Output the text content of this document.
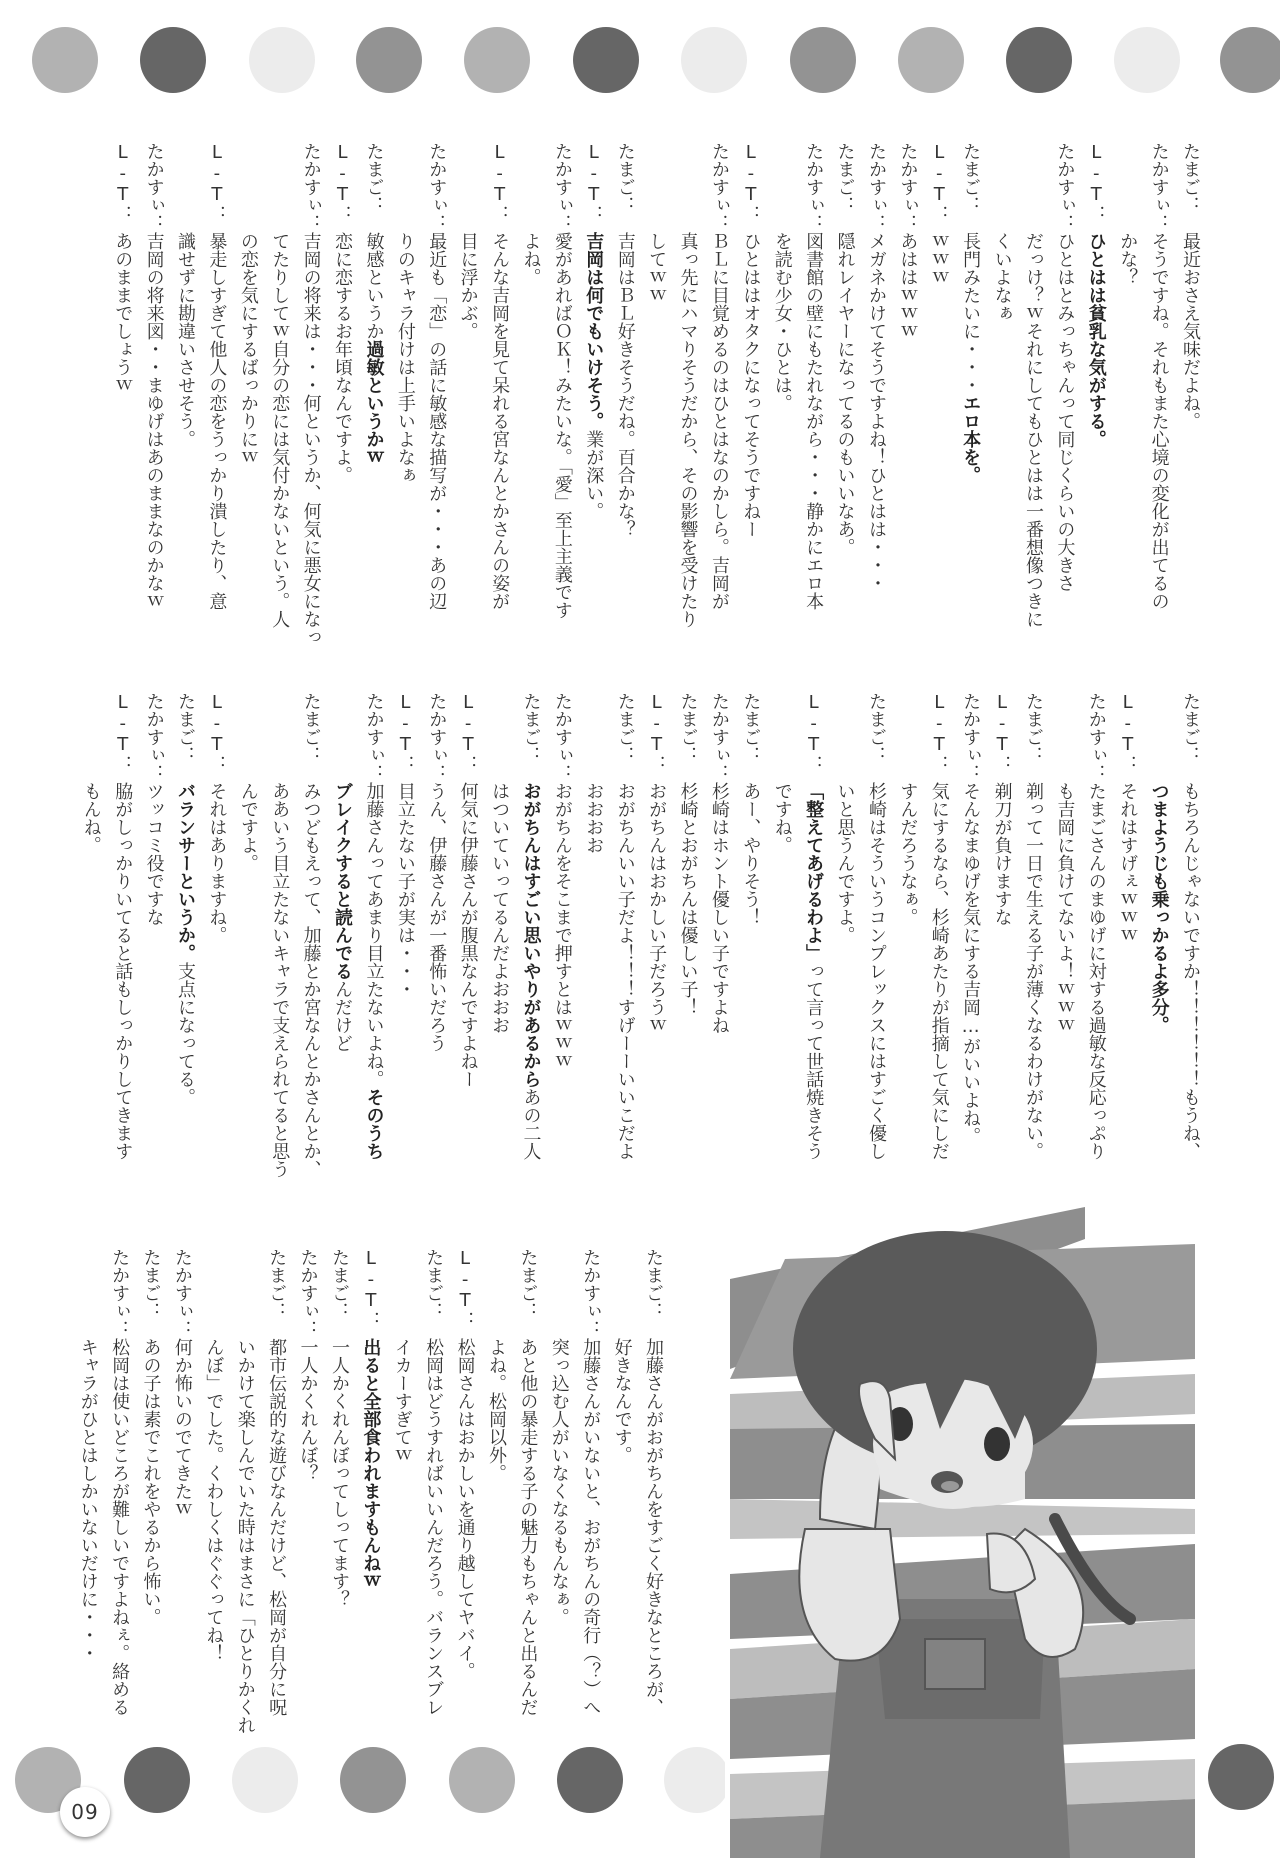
09
たまご：最近おさえ気味だよね。
たかすぃ：そうですね。それもまた心境の変化が出てるの
かな？
L-T：ひとはは貧乳な気がする。
たかすぃ：ひとはとみっちゃんって同じくらいの大きさ
だっけ？ｗそれにしてもひとはは一番想像つきに
くいよなぁ
たまご：長門みたいに・・・エロ本を。
L-T：ｗｗｗ
たかすぃ：あははｗｗｗ
たかすぃ：メガネかけてそうですよね！ひとはは・・・
たまご：隠れレイヤーになってるのもいいなあ。
たかすぃ：図書館の壁にもたれながら・・・静かにエロ本
を読む少女・ひとは。
L-T：ひとははオタクになってそうですねー
たかすぃ：ＢＬに目覚めるのはひとはなのかしら。吉岡が
真っ先にハマりそうだから、その影響を受けたり
してｗｗ
たまご：吉岡はＢＬ好きそうだね。百合かな？
L-T：吉岡は何でもいけそう。業が深い。
たかすぃ：愛があればＯＫ！みたいな。「愛」至上主義です
よね。
L-T：そんな吉岡を見て呆れる宮なんとかさんの姿が
目に浮かぶ。
たかすぃ：最近も「恋」の話に敏感な描写が・・・あの辺
りのキャラ付けは上手いよなぁ
たまご：敏感というか過敏というかｗ
L-T：恋に恋するお年頃なんですよ。
たかすぃ：吉岡の将来は・・・何というか、何気に悪女になっ
てたりしてｗ自分の恋には気付かないという。人
の恋を気にするばっかりにｗ
L-T：暴走しすぎて他人の恋をうっかり潰したり、意
識せずに勘違いさせそう。
たかすぃ：吉岡の将来図・・まゆげはあのままなのかなｗ
L-T：あのままでしょうｗ
たまご：もちろんじゃないですか！！！！！！もうね、
つまようじも乗っかるよ多分。
L-T：それはすげぇｗｗｗ
たかすぃ：たまごさんのまゆげに対する過敏な反応っぷり
も吉岡に負けてないよ！ｗｗｗ
たまご：剃って一日で生える子が薄くなるわけがない。
L-T：剃刀が負けますな
たかすぃ：そんなまゆげを気にする吉岡…がいいよね。
L-T：気にするなら、杉崎あたりが指摘して気にしだ
すんだろうなぁ。
たまご：杉崎はそういうコンプレックスにはすごく優し
いと思うんですよ。
L-T：「整えてあげるわよ」って言って世話焼きそう
ですね。
たまご：あー、やりそう！
たかすぃ：杉崎はホント優しい子ですよね
たまご：杉崎とおがちんは優しい子！
L-T：おがちんはおかしい子だろうｗ
たまご：おがちんいい子だよ！！！すげーーいいこだよ
おおおお
たかすぃ：おがちんをそこまで押すとはｗｗｗ
たまご：おがちんはすごい思いやりがあるからあの二人
はついていってるんだよおおお
L-T：何気に伊藤さんが腹黒なんですよねー
たかすぃ：うん、伊藤さんが一番怖いだろう
L-T：目立たない子が実は・・・
たかすぃ：加藤さんってあまり目立たないよね。そのうち
ブレイクすると読んでるんだけど
たまご：みつどもえって、加藤とか宮なんとかさんとか、
ああいう目立たないキャラで支えられてると思う
んですよ。
L-T：それはありますね。
たまご：バランサーというか。支点になってる。
たかすぃ：ツッコミ役ですな
L-T：脇がしっかりいてると話もしっかりしてきます
もんね。
たまご：加藤さんがおがちんをすごく好きなところが、
好きなんです。
たかすぃ：加藤さんがいないと、おがちんの奇行（？）へ
突っ込む人がいなくなるもんなぁ。
たまご：あと他の暴走する子の魅力もちゃんと出るんだ
よね。松岡以外。
L-T：松岡さんはおかしいを通り越してヤバイ。
たまご：松岡はどうすればいいんだろう。バランスブレ
イカーすぎてｗ
L-T：出ると全部食われますもんねｗ
たまご：一人かくれんぼってしってます？
たかすぃ：一人かくれんぼ？
たまご：都市伝説的な遊びなんだけど、松岡が自分に呪
いかけて楽しんでいた時はまさに「ひとりかくれ
んぼ」でした。くわしくはぐぐってね！
たかすぃ：何か怖いのでてきたｗ
たまご：あの子は素でこれをやるから怖い。
たかすぃ：松岡は使いどころが難しいですよねぇ。絡める
キャラがひとはしかいないだけに・・・
